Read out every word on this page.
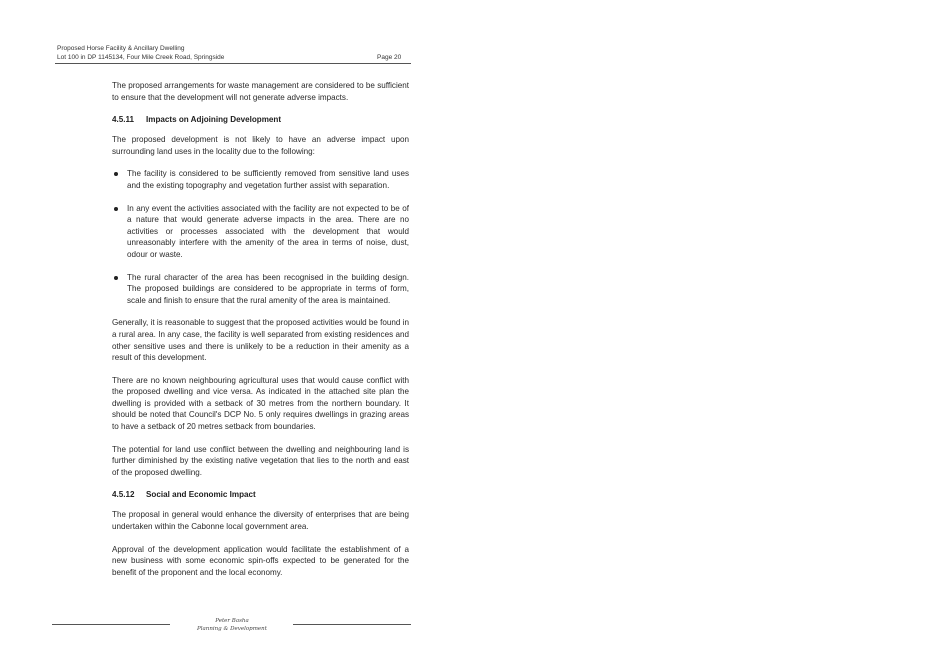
Proposed Horse Facility & Ancillary Dwelling
Lot 100 in DP 1145134, Four Mile Creek Road, Springside	Page 20

The proposed arrangements for waste management are considered to be sufficient to ensure that the development will not generate adverse impacts.

4.5.11 Impacts on Adjoining Development

The proposed development is not likely to have an adverse impact upon surrounding land uses in the locality due to the following:

The facility is considered to be sufficiently removed from sensitive land uses and the existing topography and vegetation further assist with separation.
In any event the activities associated with the facility are not expected to be of a nature that would generate adverse impacts in the area. There are no activities or processes associated with the development that would unreasonably interfere with the amenity of the area in terms of noise, dust, odour or waste.
The rural character of the area has been recognised in the building design. The proposed buildings are considered to be appropriate in terms of form, scale and finish to ensure that the rural amenity of the area is maintained.

Generally, it is reasonable to suggest that the proposed activities would be found in a rural area. In any case, the facility is well separated from existing residences and other sensitive uses and there is unlikely to be a reduction in their amenity as a result of this development.

There are no known neighbouring agricultural uses that would cause conflict with the proposed dwelling and vice versa. As indicated in the attached site plan the dwelling is provided with a setback of 30 metres from the northern boundary. It should be noted that Council's DCP No. 5 only requires dwellings in grazing areas to have a setback of 20 metres setback from boundaries.

The potential for land use conflict between the dwelling and neighbouring land is further diminished by the existing native vegetation that lies to the north and east of the proposed dwelling.

4.5.12 Social and Economic Impact

The proposal in general would enhance the diversity of enterprises that are being undertaken within the Cabonne local government area.

Approval of the development application would facilitate the establishment of a new business with some economic spin-offs expected to be generated for the benefit of the proponent and the local economy.

Peter Basha
Planning & Development
